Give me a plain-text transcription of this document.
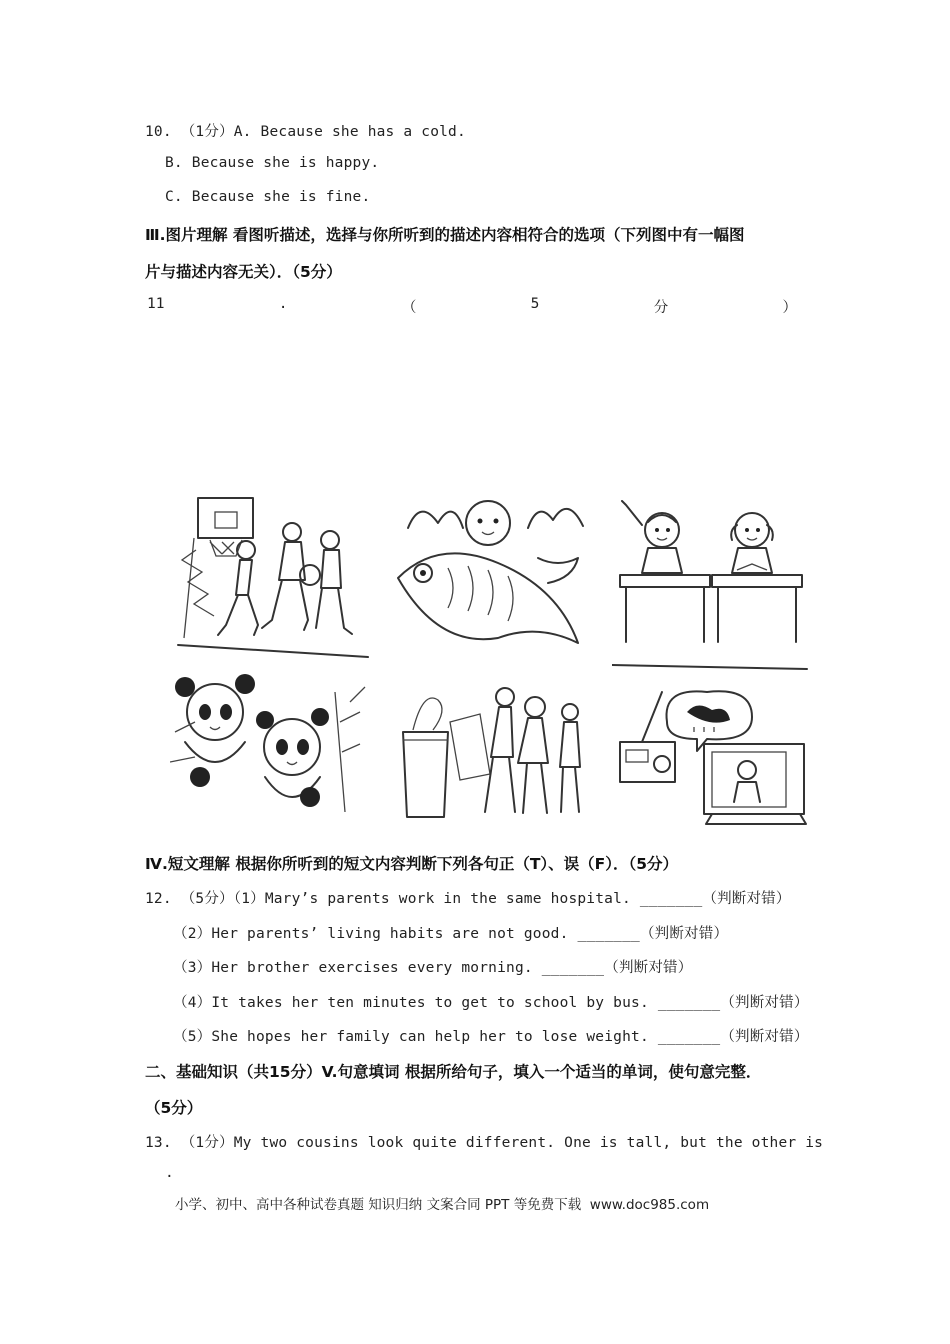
10. （1分）A. Because she has a cold.
B. Because she is happy.
C. Because she is fine.
Ⅲ.图片理解 看图听描述，选择与你所听到的描述内容相符合的选项（下列图中有一幅图
片与描述内容无关）．（5分）
11	.	（	5	分	）
Ⅳ.短文理解 根据你所听到的短文内容判断下列各句正（T）、误（F）．（5分）
12. （5分）（1）Mary’s parents work in the same hospital. _______（判断对错）
（2）Her parents’ living habits are not good. _______（判断对错）
（3）Her brother exercises every morning. _______（判断对错）
（4）It takes her ten minutes to get to school by bus. _______（判断对错）
（5）She hopes her family can help her to lose weight. _______（判断对错）
二、基础知识（共15分）V.句意填词 根据所给句子，填入一个适当的单词，使句意完整．
（5分）
13. （1分）My two cousins look quite different. One is tall, but the other is
.
小学、初中、高中各种试卷真题 知识归纳 文案合同 PPT 等免费下载  www.doc985.com
